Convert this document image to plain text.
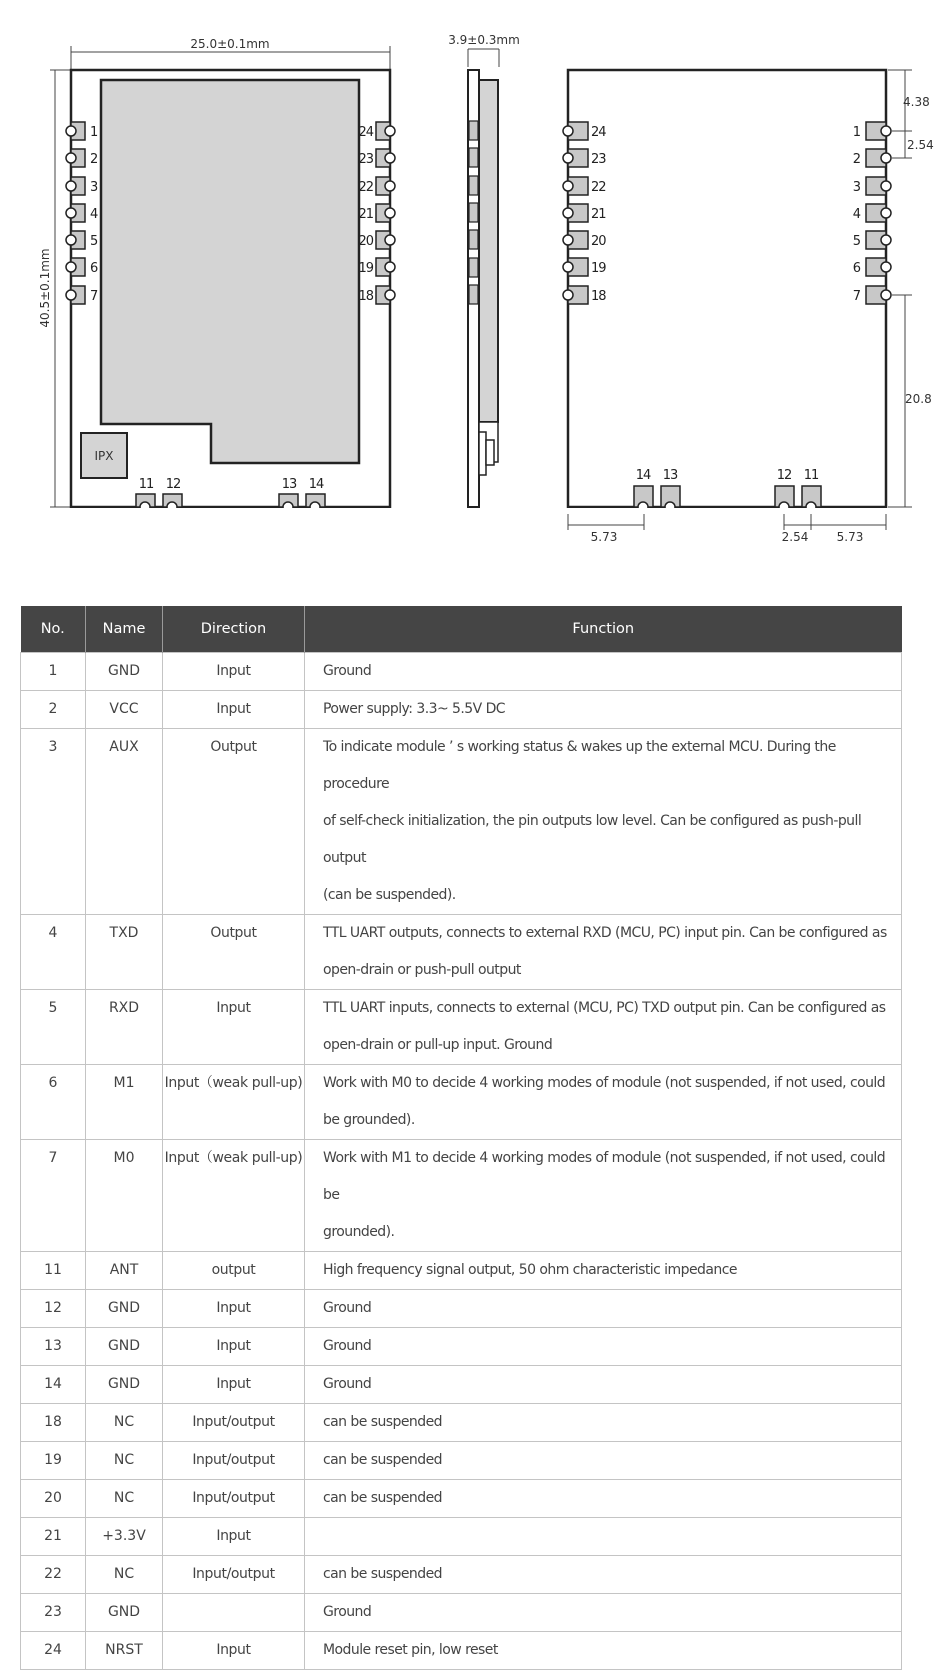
25.0±0.1mm
40.5±0.1mm
IPX
1
2
3
4
5
6
7
24
23
22
21
20
19
18
11 12	13 14
3.9±0.3mm
24
23
22
21
20
19
18
1
2
3
4
5
6
7
14 13	12 11
4.38
2.54
20.8
5.73	2.54 5.73
No.	Name	Direction	Function
1	GND	Input	Ground

2	VCC	Input	Power supply: 3.3~ 5.5V DC

3	AUX	Output	To indicate module ’ s working status & wakes up the external MCU. During the procedure
of self-check initialization, the pin outputs low level. Can be configured as push-pull output
(can be suspended).

4	TXD	Output	TTL UART outputs, connects to external RXD (MCU, PC) input pin. Can be configured as
open-drain or push-pull output

5	RXD	Input	TTL UART inputs, connects to external (MCU, PC) TXD output pin. Can be configured as
open-drain or pull-up input. Ground

6	M1	Input（weak pull-up)	Work with M0 to decide 4 working modes of module (not suspended, if not used, could
be grounded).

7	M0	Input（weak pull-up)	Work with M1 to decide 4 working modes of module (not suspended, if not used, could be
grounded).

11	ANT	output	High frequency signal output, 50 ohm characteristic impedance

12	GND	Input	Ground

13	GND	Input	Ground

14	GND	Input	Ground

18	NC	Input/output	can be suspended

19	NC	Input/output	can be suspended

20	NC	Input/output	can be suspended

21	+3.3V	Input	

22	NC	Input/output	can be suspended

23	GND		Ground

24	NRST	Input	Module reset pin, low reset
